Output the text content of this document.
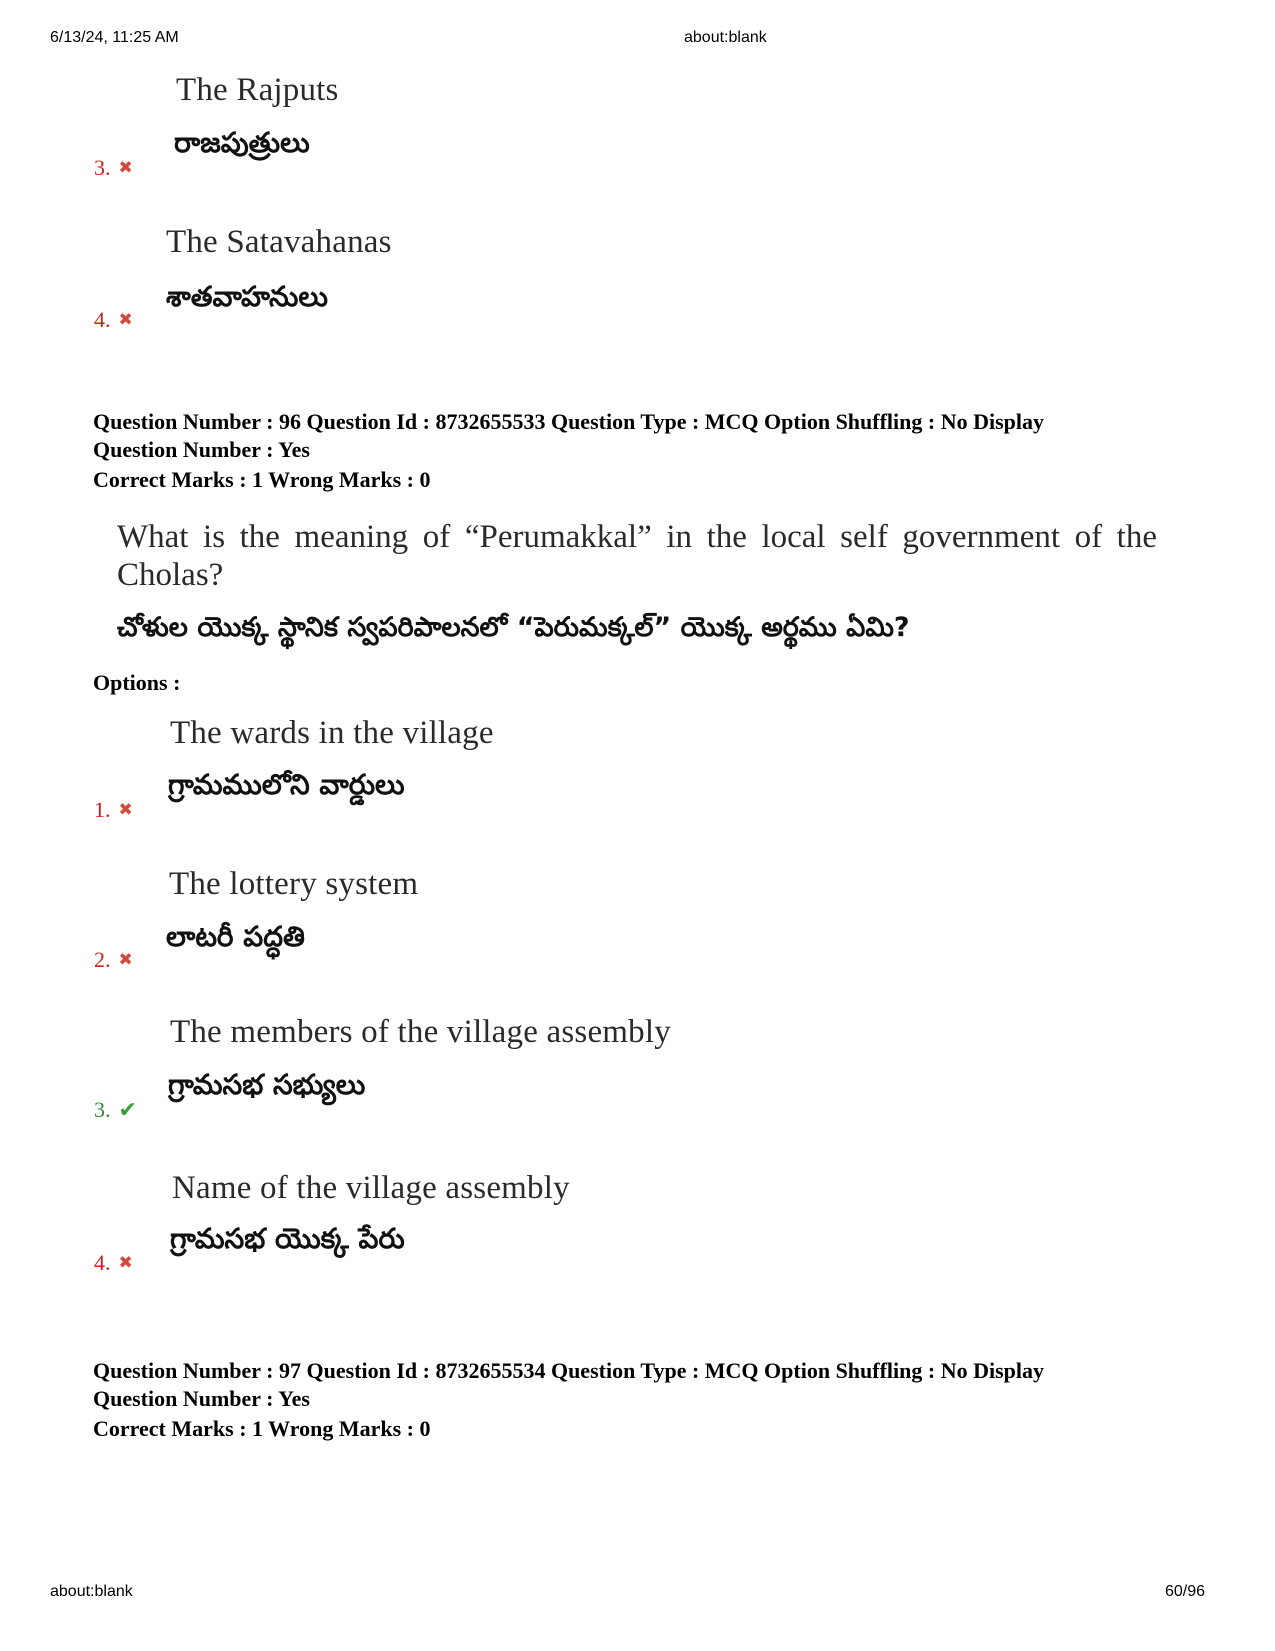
6/13/24, 11:25 AM	about:blank
The Rajputs
రాజపుత్రులు
3. ✖
The Satavahanas
శాతవాహనులు
4. ✖
Question Number : 96 Question Id : 8732655533 Question Type : MCQ Option Shuffling : No Display
Question Number : Yes
Correct Marks : 1 Wrong Marks : 0
What is the meaning of “Perumakkal” in the local self government of the Cholas?
చోళుల యొక్క స్థానిక స్వపరిపాలనలో “పెరుమక్కల్” యొక్క అర్థము ఏమి?
Options :
The wards in the village
గ్రామములోని వార్డులు
1. ✖
The lottery system
లాటరీ పద్ధతి
2. ✖
The members of the village assembly
గ్రామసభ సభ్యులు
3. ✔
Name of the village assembly
గ్రామసభ యొక్క పేరు
4. ✖
Question Number : 97 Question Id : 8732655534 Question Type : MCQ Option Shuffling : No Display
Question Number : Yes
Correct Marks : 1 Wrong Marks : 0
about:blank	60/96
